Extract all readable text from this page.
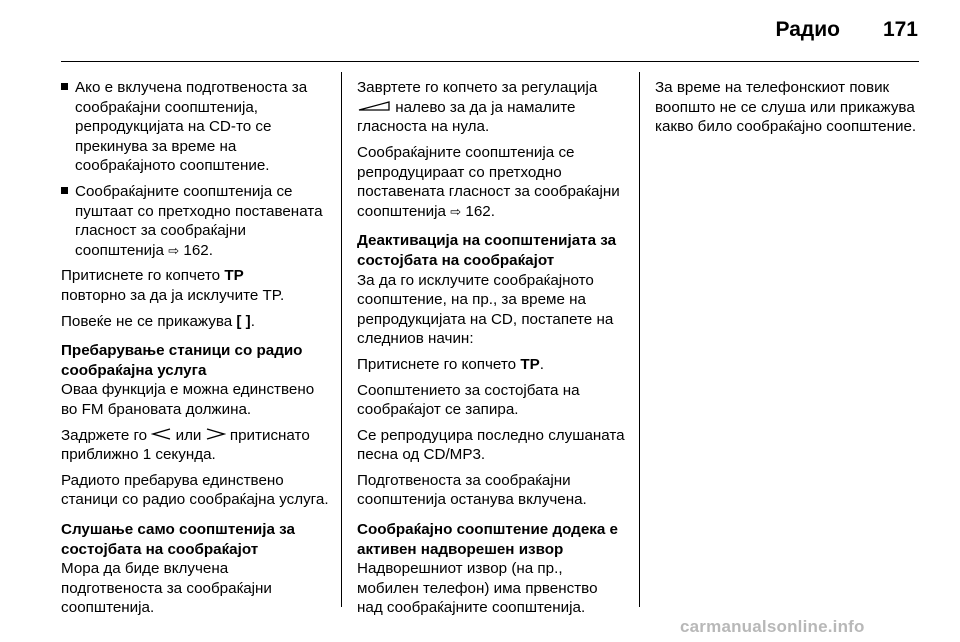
Радио 171
Ако е вклучена подготвеноста за сообраќајни соопштенија, репродукцијата на CD-то се прекинува за време на сообраќајното соопштение.
Сообраќајните соопштенија се пуштаат со претходно поставената гласност за сообраќајни соопштенија ⇨ 162.

Притиснете го копчето TP
повторно за да ја исклучите TP.

Повеќе не се прикажува [ ].

Пребарување станици со радио сообраќајна услуга

Оваа функција е можна единствено во FM брановата должина.

Задржете го  или  притиснато приближно 1 секунда.

Радиото пребарува единствено станици со радио сообраќајна услуга.

Слушање само соопштенија за состојбата на сообраќајот

Мора да биде вклучена подготвеноста за сообраќајни соопштенија.

Завртете го копчето за регулација
налево за да ја намалите гласноста на нула.

Сообраќајните соопштенија се репродуцираат со претходно поставената гласност за сообраќајни соопштенија ⇨ 162.

Деактивација на соопштенијата за состојбата на сообраќајот

За да го исклучите сообраќајното соопштение, на пр., за време на репродукцијата на CD, постапете на следниов начин:

Притиснете го копчето TP.

Соопштението за состојбата на сообраќајот се запира.

Се репродуцира последно слушаната песна од CD/MP3.

Подготвеноста за сообраќајни соопштенија останува вклучена.

Сообраќајно соопштение додека е активен надворешен извор

Надворешниот извор (на пр., мобилен телефон) има првенство над сообраќајните соопштенија.

За време на телефонскиот повик воопшто не се слуша или прикажува какво било сообраќајно соопштение.

carmanualsonline.info
